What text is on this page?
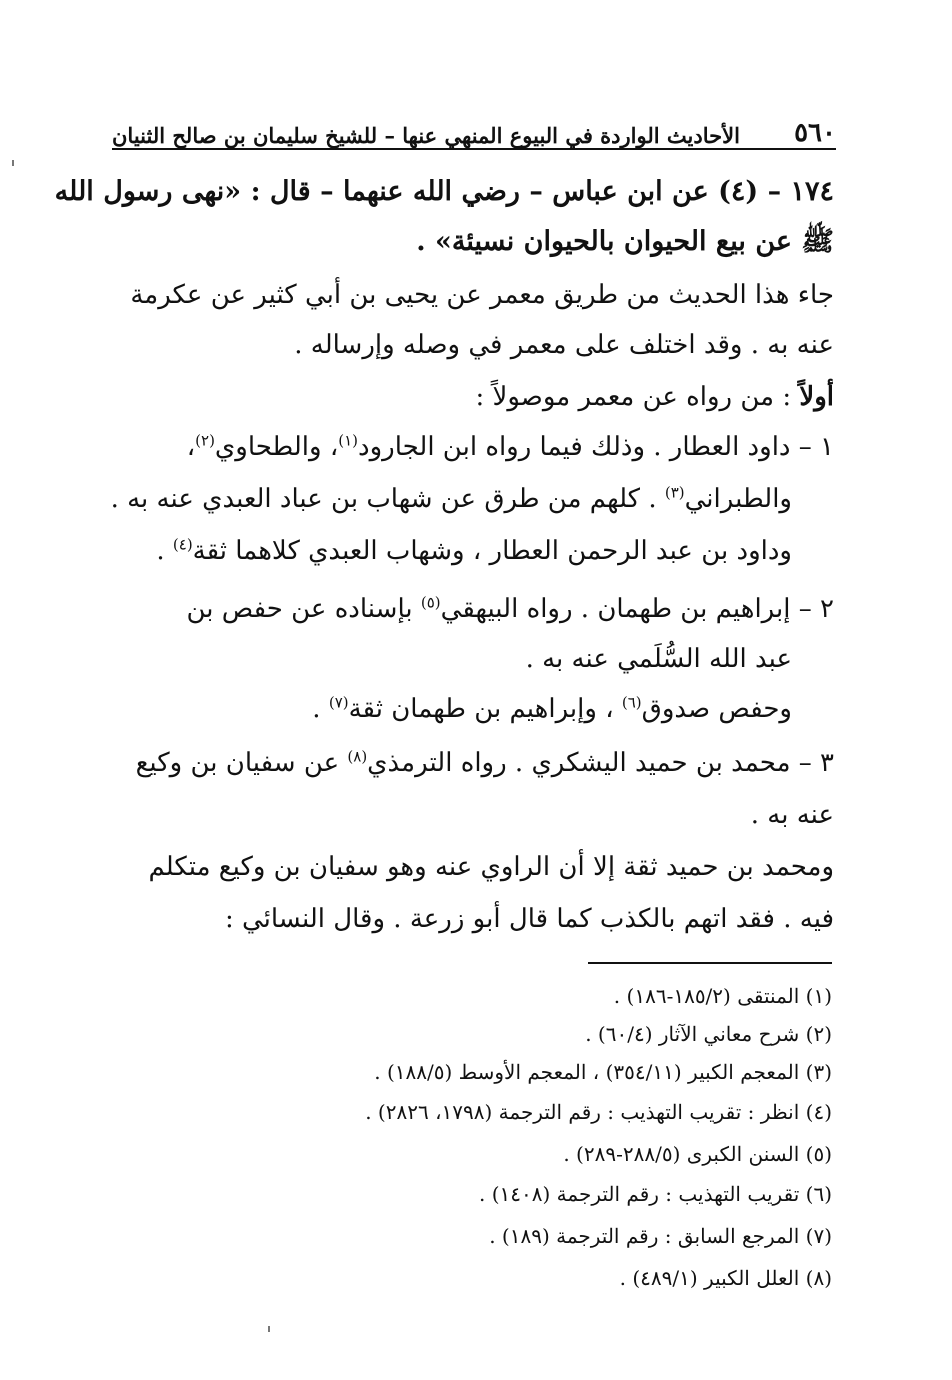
٥٦٠
الأحاديث الواردة في البيوع المنهي عنها – للشيخ سليمان بن صالح الثنيان
١٧٤ – (٤) عن ابن عباس – رضي الله عنهما – قال : «نهى رسول الله
ﷺ عن بيع الحيوان بالحيوان نسيئة» .
جاء هذا الحديث من طريق معمر عن يحيى بن أبي كثير عن عكرمة
عنه به . وقد اختلف على معمر في وصله وإرساله .
أولاً : من رواه عن معمر موصولاً :
١ – داود العطار . وذلك فيما رواه ابن الجارود$^{(١)}$، والطحاوي$^{(٢)}$،
والطبراني$^{(٣)}$ . كلهم من طرق عن شهاب بن عباد العبدي عنه به .
وداود بن عبد الرحمن العطار ، وشهاب العبدي كلاهما ثقة$^{(٤)}$ .
٢ – إبراهيم بن طهمان . رواه البيهقي$^{(٥)}$ بإسناده عن حفص بن
عبد الله السُّلَمي عنه به .
وحفص صدوق$^{(٦)}$ ، وإبراهيم بن طهمان ثقة$^{(٧)}$ .
٣ – محمد بن حميد اليشكري . رواه الترمذي$^{(٨)}$ عن سفيان بن وكيع
عنه به .
ومحمد بن حميد ثقة إلا أن الراوي عنه وهو سفيان بن وكيع متكلم
فيه . فقد اتهم بالكذب كما قال أبو زرعة . وقال النسائي :
(١) المنتقى (١٨٥/٢-١٨٦) .
(٢) شرح معاني الآثار (٦٠/٤) .
(٣) المعجم الكبير (٣٥٤/١١) ، المعجم الأوسط (١٨٨/٥) .
(٤) انظر : تقريب التهذيب : رقم الترجمة (١٧٩٨، ٢٨٢٦) .
(٥) السنن الكبرى (٢٨٨/٥-٢٨٩) .
(٦) تقريب التهذيب : رقم الترجمة (١٤٠٨) .
(٧) المرجع السابق : رقم الترجمة (١٨٩) .
(٨) العلل الكبير (٤٨٩/١) .
